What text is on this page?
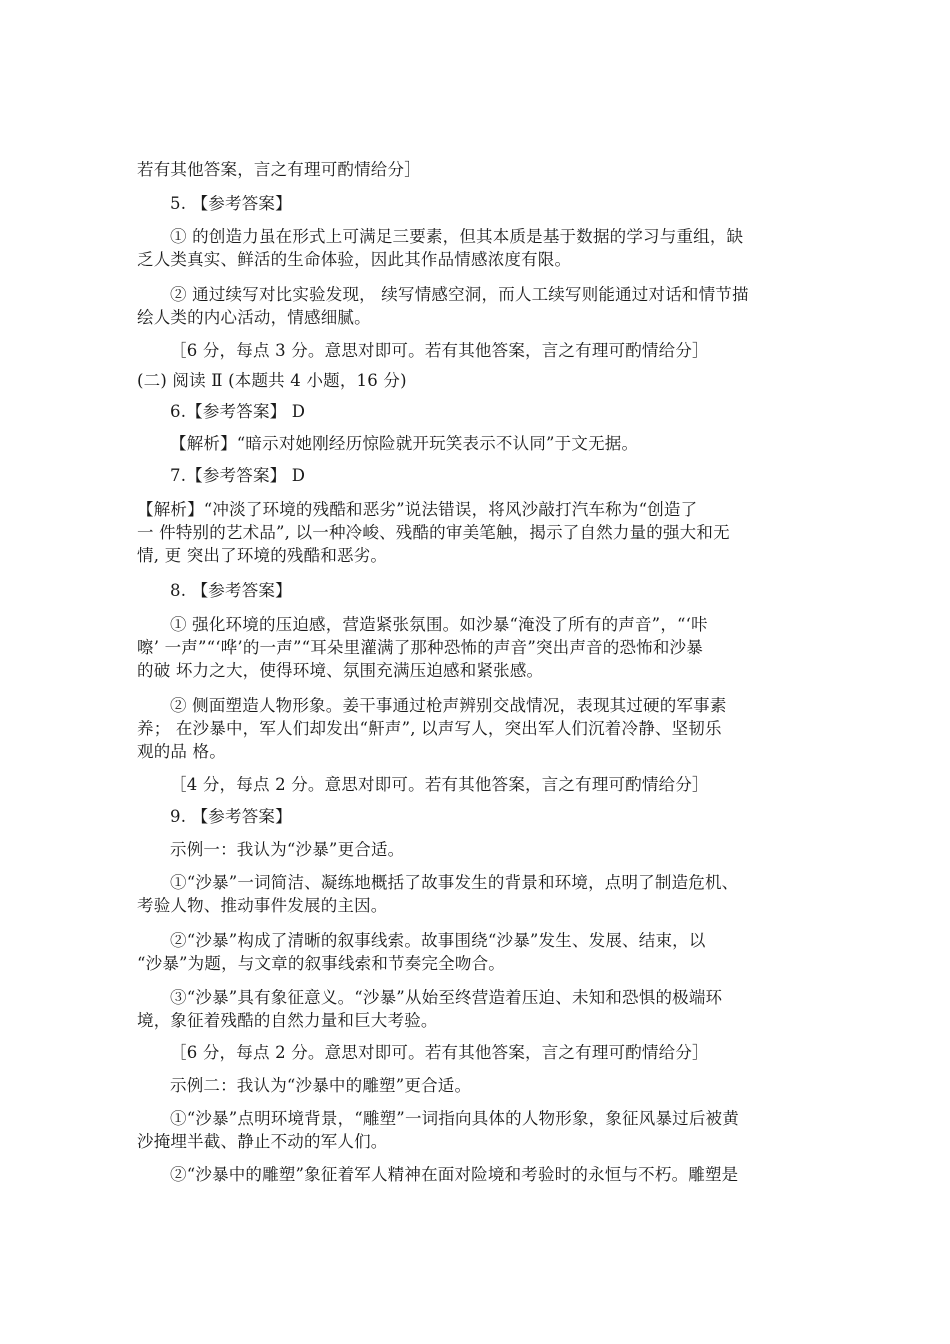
若有其他答案，言之有理可酌情给分］
5. 【参考答案】
① 的创造力虽在形式上可满足三要素，但其本质是基于数据的学习与重组，缺
乏人类真实、鲜活的生命体验，因此其作品情感浓度有限。
② 通过续写对比实验发现， 续写情感空洞，而人工续写则能通过对话和情节描
绘人类的内心活动，情感细腻。
［6 分，每点 3 分。意思对即可。若有其他答案，言之有理可酌情给分］
(二) 阅读 Ⅱ (本题共 4 小题，16 分)
6.【参考答案】 D
【解析】“暗示对她刚经历惊险就开玩笑表示不认同”于文无据。
7.【参考答案】 D
【解析】“冲淡了环境的残酷和恶劣”说法错误，将风沙敲打汽车称为“创造了
一 件特别的艺术品”, 以一种冷峻、残酷的审美笔触，揭示了自然力量的强大和无
情, 更 突出了环境的残酷和恶劣。
8. 【参考答案】
① 强化环境的压迫感，营造紧张氛围。如沙暴“淹没了所有的声音”，“‘咔
嚓’ 一声”“‘哗’的一声”“耳朵里灌满了那种恐怖的声音”突出声音的恐怖和沙暴
的破 坏力之大，使得环境、氛围充满压迫感和紧张感。
② 侧面塑造人物形象。姜干事通过枪声辨别交战情况，表现其过硬的军事素
养； 在沙暴中，军人们却发出“鼾声”, 以声写人，突出军人们沉着冷静、坚韧乐
观的品 格。
［4 分，每点 2 分。意思对即可。若有其他答案，言之有理可酌情给分］
9. 【参考答案】
示例一：我认为“沙暴”更合适。
①“沙暴”一词简洁、凝练地概括了故事发生的背景和环境，点明了制造危机、
考验人物、推动事件发展的主因。
②“沙暴”构成了清晰的叙事线索。故事围绕“沙暴”发生、发展、结束，以
“沙暴”为题，与文章的叙事线索和节奏完全吻合。
③“沙暴”具有象征意义。“沙暴”从始至终营造着压迫、未知和恐惧的极端环
境，象征着残酷的自然力量和巨大考验。
［6 分，每点 2 分。意思对即可。若有其他答案，言之有理可酌情给分］
示例二：我认为“沙暴中的雕塑”更合适。
①“沙暴”点明环境背景，“雕塑”一词指向具体的人物形象，象征风暴过后被黄
沙掩埋半截、静止不动的军人们。
②“沙暴中的雕塑”象征着军人精神在面对险境和考验时的永恒与不朽。雕塑是
